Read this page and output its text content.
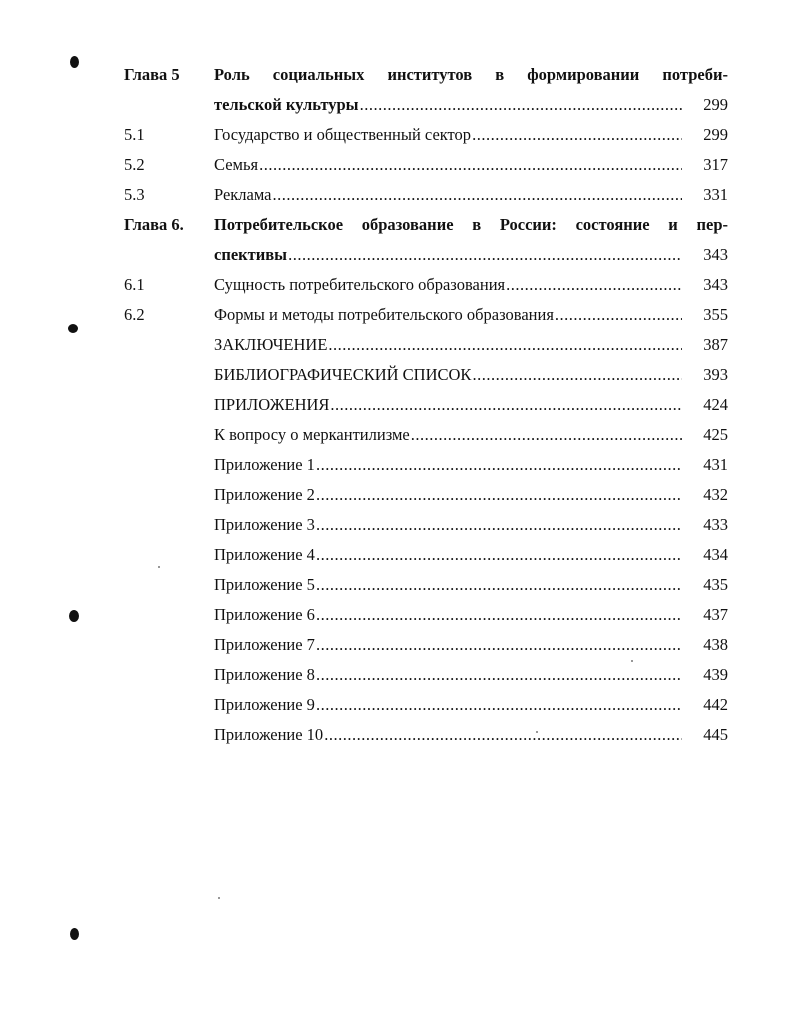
Глава 5 Роль социальных институтов в формировании потреби-
тельской культуры .....	299
5.1	Государство и общественный сектор .....	299
5.2	Семья .....	317
5.3	Реклама .....	331
Глава 6. Потребительское образование в России: состояние и пер-
спективы .....	343
6.1	Сущность потребительского образования .....	343
6.2	Формы и методы потребительского образования .....	355
ЗАКЛЮЧЕНИЕ .....	387
БИБЛИОГРАФИЧЕСКИЙ СПИСОК .....	393
ПРИЛОЖЕНИЯ .....	424
К вопросу о меркантилизме .....	425
Приложение 1 .....	431
Приложение 2 .....	432
Приложение 3 .....	433
Приложение 4 .....	434
Приложение 5 .....	435
Приложение 6 .....	437
Приложение 7 .....	438
Приложение 8 .....	439
Приложение 9 .....	442
Приложение 10 .....	445
